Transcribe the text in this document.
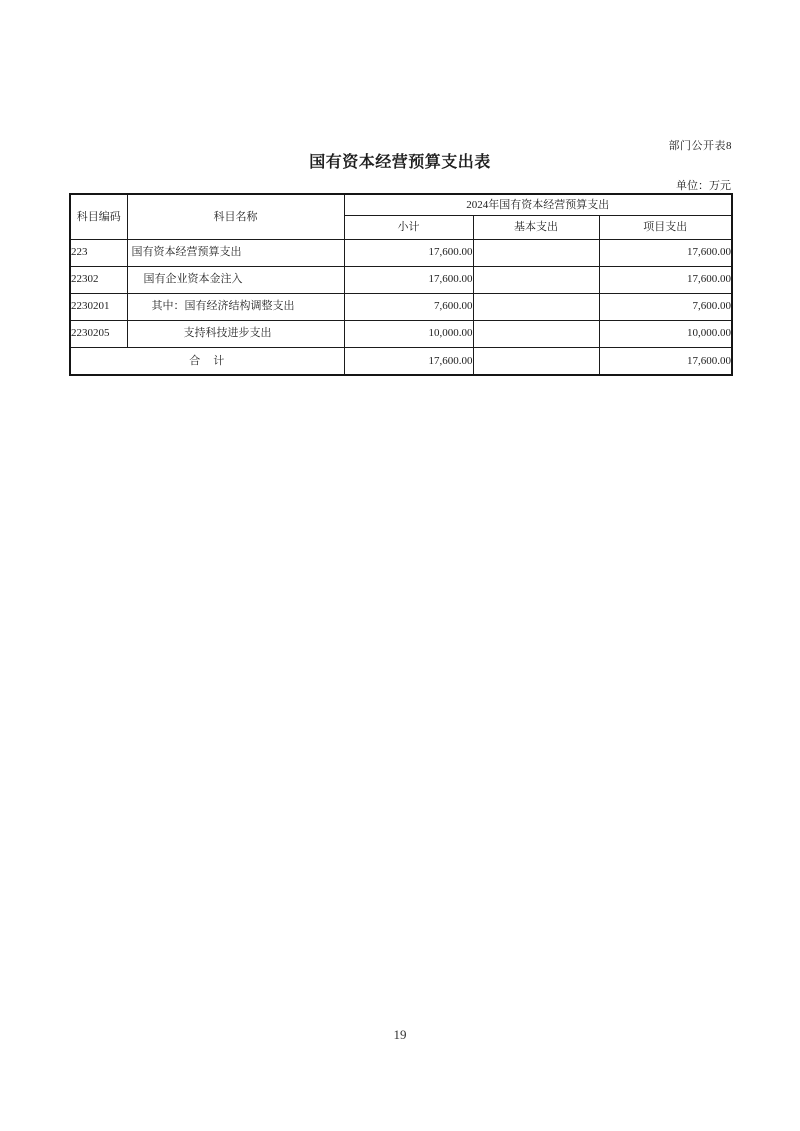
部门公开表8
国有资本经营预算支出表
单位：万元
科目编码	科目名称	2024年国有资本经营预算支出		
		小计	基本支出	项目支出
223	国有资本经营预算支出	17,600.00		17,600.00
22302	国有企业资本金注入	17,600.00		17,600.00
2230201	其中：国有经济结构调整支出	7,600.00		7,600.00
2230205	支持科技进步支出	10,000.00		10,000.00
合　计		17,600.00		17,600.00
19
